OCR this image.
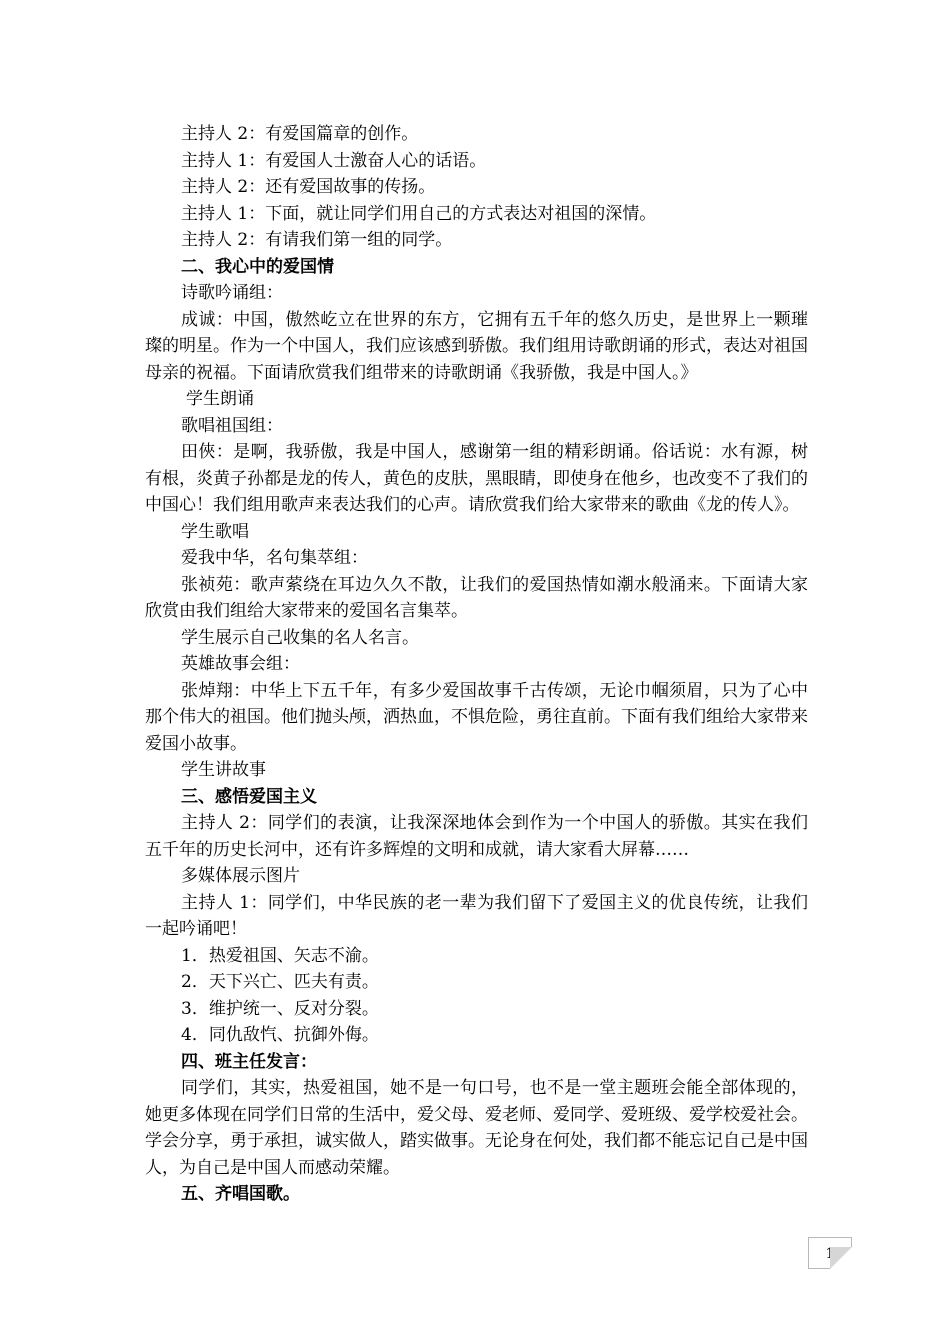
主持人 2：有爱国篇章的创作。

主持人 1：有爱国人士激奋人心的话语。

主持人 2：还有爱国故事的传扬。

主持人 1：下面，就让同学们用自己的方式表达对祖国的深情。

主持人 2：有请我们第一组的同学。

二、我心中的爱国情

诗歌吟诵组：

成诚：中国，傲然屹立在世界的东方，它拥有五千年的悠久历史，是世界上一颗璀璨的明星。作为一个中国人，我们应该感到骄傲。我们组用诗歌朗诵的形式，表达对祖国母亲的祝福。下面请欣赏我们组带来的诗歌朗诵《我骄傲，我是中国人。》

学生朗诵

歌唱祖国组：

田俠：是啊，我骄傲，我是中国人，感谢第一组的精彩朗诵。俗话说：水有源，树有根，炎黄子孙都是龙的传人，黄色的皮肤，黑眼睛，即使身在他乡，也改变不了我们的中国心！我们组用歌声来表达我们的心声。请欣赏我们给大家带来的歌曲《龙的传人》。

学生歌唱

爱我中华，名句集萃组：

张祯苑：歌声萦绕在耳边久久不散，让我们的爱国热情如潮水般涌来。下面请大家欣赏由我们组给大家带来的爱国名言集萃。

学生展示自己收集的名人名言。

英雄故事会组：

张焯翔：中华上下五千年，有多少爱国故事千古传颂，无论巾帼须眉，只为了心中那个伟大的祖国。他们抛头颅，洒热血，不惧危险，勇往直前。下面有我们组给大家带来爱国小故事。

学生讲故事

三、感悟爱国主义

主持人 2：同学们的表演，让我深深地体会到作为一个中国人的骄傲。其实在我们五千年的历史长河中，还有许多辉煌的文明和成就，请大家看大屏幕……

多媒体展示图片

主持人 1：同学们，中华民族的老一辈为我们留下了爱国主义的优良传统，让我们一起吟诵吧！

1．热爱祖国、矢志不渝。

2．天下兴亡、匹夫有责。

3．维护统一、反对分裂。

4．同仇敌忾、抗御外侮。

四、班主任发言：

同学们，其实，热爱祖国，她不是一句口号，也不是一堂主题班会能全部体现的，她更多体现在同学们日常的生活中，爱父母、爱老师、爱同学、爱班级、爱学校爱社会。学会分享，勇于承担，诚实做人，踏实做事。无论身在何处，我们都不能忘记自己是中国人，为自己是中国人而感动荣耀。

五、齐唱国歌。

1
